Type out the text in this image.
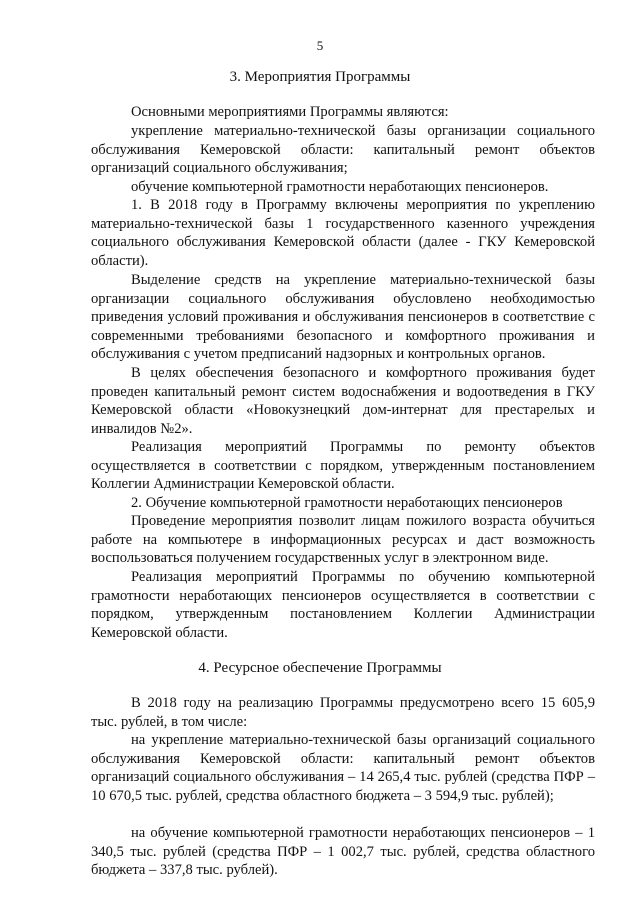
5
3. Мероприятия Программы

Основными мероприятиями Программы являются:

укрепление материально-технической базы организации социального обслуживания Кемеровской области: капитальный ремонт объектов организаций социального обслуживания;

обучение компьютерной грамотности неработающих пенсионеров.

1. В 2018 году в Программу включены мероприятия по укреплению материально-технической базы 1 государственного казенного учреждения социального обслуживания Кемеровской области (далее - ГКУ Кемеровской области).

Выделение средств на укрепление материально-технической базы организации социального обслуживания обусловлено необходимостью приведения условий проживания и обслуживания пенсионеров в соответствие с современными требованиями безопасного и комфортного проживания и обслуживания с учетом предписаний надзорных и контрольных органов.

В целях обеспечения безопасного и комфортного проживания будет проведен капитальный ремонт систем водоснабжения и водоотведения в ГКУ Кемеровской области «Новокузнецкий дом-интернат для престарелых и инвалидов №2».

Реализация мероприятий Программы по ремонту объектов осуществляется в соответствии с порядком, утвержденным постановлением Коллегии Администрации Кемеровской области.

2. Обучение компьютерной грамотности неработающих пенсионеров

Проведение мероприятия позволит лицам пожилого возраста обучиться работе на компьютере в информационных ресурсах и даст возможность воспользоваться получением государственных услуг в электронном виде.

Реализация мероприятий Программы по обучению компьютерной грамотности неработающих пенсионеров осуществляется в соответствии с порядком, утвержденным постановлением Коллегии Администрации Кемеровской области.

4. Ресурсное обеспечение Программы

В 2018 году на реализацию Программы предусмотрено всего 15 605,9 тыс. рублей, в том числе:

на укрепление материально-технической базы организаций социального обслуживания Кемеровской области: капитальный ремонт объектов организаций социального обслуживания – 14 265,4 тыс. рублей (средства ПФР – 10 670,5 тыс. рублей, средства областного бюджета – 3 594,9 тыс. рублей);

на обучение компьютерной грамотности неработающих пенсионеров – 1 340,5 тыс. рублей (средства ПФР – 1 002,7 тыс. рублей, средства областного бюджета – 337,8 тыс. рублей).
